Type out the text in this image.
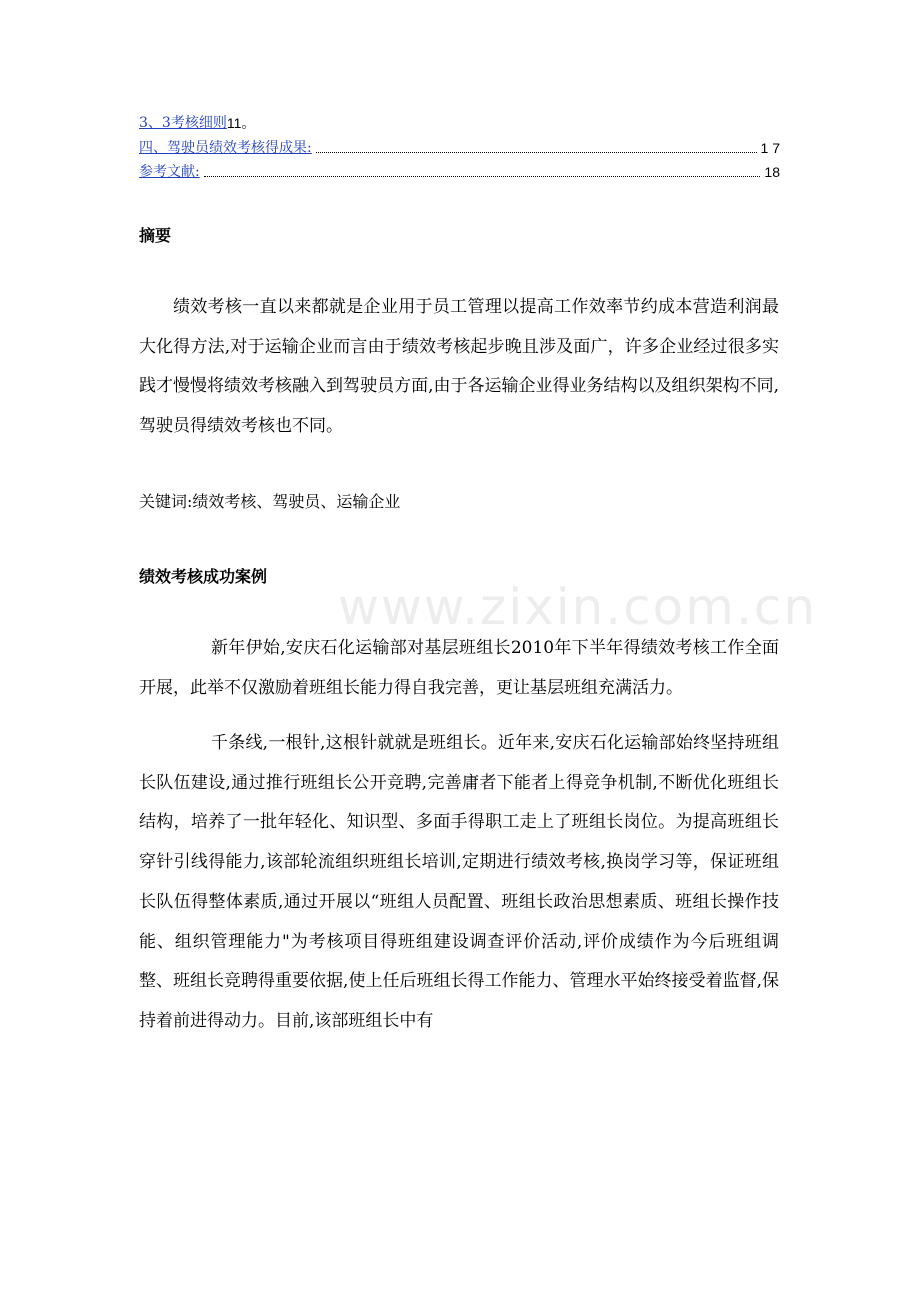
3、3考核细则 11。
四、驾驶员绩效考核得成果:	1 7
参考文献:	18
摘要

绩效考核一直以来都就是企业用于员工管理以提高工作效率节约成本营造利润最大化得方法,对于运输企业而言由于绩效考核起步晚且涉及面广，许多企业经过很多实践才慢慢将绩效考核融入到驾驶员方面,由于各运输企业得业务结构以及组织架构不同,驾驶员得绩效考核也不同。

关键词:绩效考核、驾驶员、运输企业

绩效考核成功案例
www.zixin.com.cn

新年伊始,安庆石化运输部对基层班组长2010年下半年得绩效考核工作全面开展，此举不仅激励着班组长能力得自我完善，更让基层班组充满活力。

千条线,一根针,这根针就就是班组长。近年来,安庆石化运输部始终坚持班组长队伍建设,通过推行班组长公开竞聘,完善庸者下能者上得竞争机制,不断优化班组长结构，培养了一批年轻化、知识型、多面手得职工走上了班组长岗位。为提高班组长穿针引线得能力,该部轮流组织班组长培训,定期进行绩效考核,换岗学习等，保证班组长队伍得整体素质,通过开展以“班组人员配置、班组长政治思想素质、班组长操作技能、组织管理能力"为考核项目得班组建设调查评价活动,评价成绩作为今后班组调整、班组长竞聘得重要依据,使上任后班组长得工作能力、管理水平始终接受着监督,保持着前进得动力。目前,该部班组长中有
